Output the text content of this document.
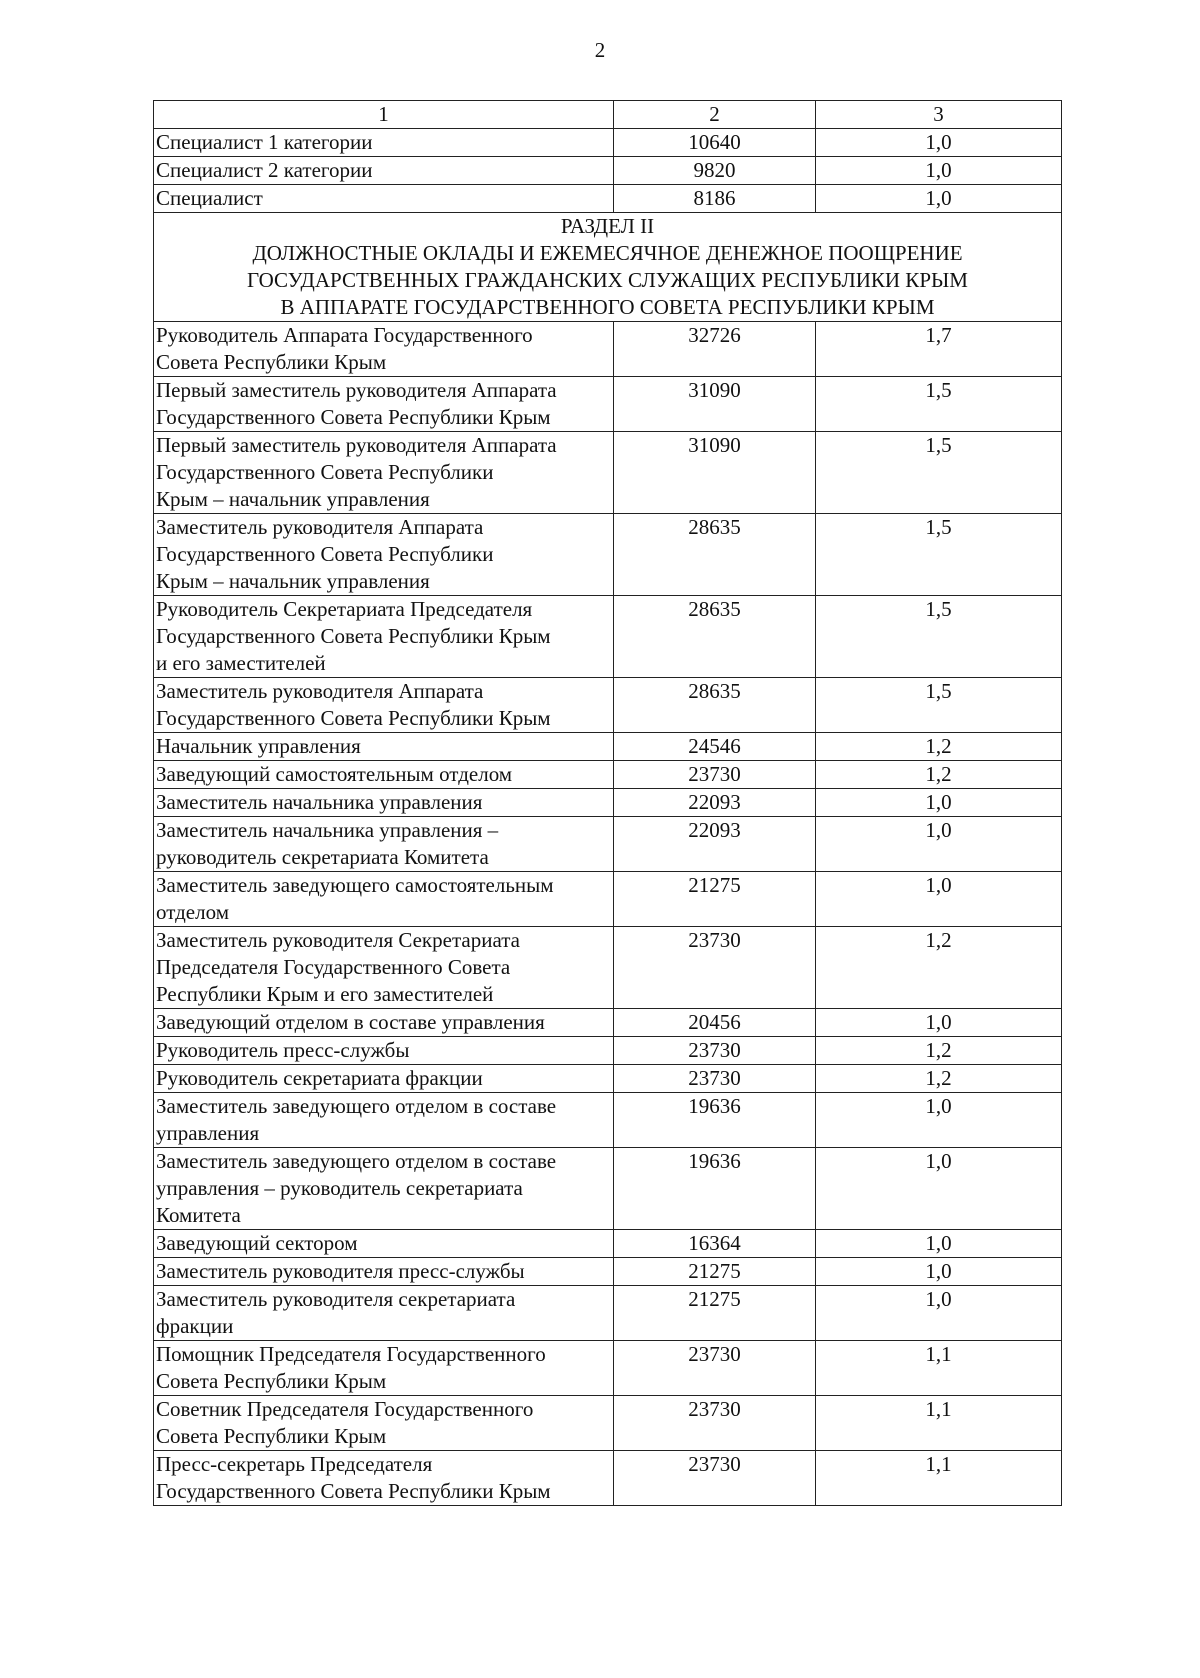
2
1	2	3
Специалист 1 категории	10640	1,0
Специалист 2 категории	9820	1,0
Специалист	8186	1,0

РАЗДЕЛ II
ДОЛЖНОСТНЫЕ ОКЛАДЫ И ЕЖЕМЕСЯЧНОЕ ДЕНЕЖНОЕ ПООЩРЕНИЕ
ГОСУДАРСТВЕННЫХ ГРАЖДАНСКИХ СЛУЖАЩИХ РЕСПУБЛИКИ КРЫМ
В АППАРАТЕ ГОСУДАРСТВЕННОГО СОВЕТА РЕСПУБЛИКИ КРЫМ		

Руководитель Аппарата Государственного
Совета Республики Крым	32726	1,7

Первый заместитель руководителя Аппарата
Государственного Совета Республики Крым	31090	1,5

Первый заместитель руководителя Аппарата
Государственного Совета Республики
Крым – начальник управления	31090	1,5

Заместитель руководителя Аппарата
Государственного Совета Республики
Крым – начальник управления	28635	1,5

Руководитель Секретариата Председателя
Государственного Совета Республики Крым
и его заместителей	28635	1,5

Заместитель руководителя Аппарата
Государственного Совета Республики Крым	28635	1,5

Начальник управления	24546	1,2

Заведующий самостоятельным отделом	23730	1,2

Заместитель начальника управления	22093	1,0

Заместитель начальника управления –
руководитель секретариата Комитета	22093	1,0

Заместитель заведующего самостоятельным
отделом	21275	1,0

Заместитель руководителя Секретариата
Председателя Государственного Совета
Республики Крым и его заместителей	23730	1,2

Заведующий отделом в составе управления	20456	1,0

Руководитель пресс-службы	23730	1,2

Руководитель секретариата фракции	23730	1,2

Заместитель заведующего отделом в составе
управления	19636	1,0

Заместитель заведующего отделом в составе
управления – руководитель секретариата
Комитета	19636	1,0

Заведующий сектором	16364	1,0

Заместитель руководителя пресс-службы	21275	1,0

Заместитель руководителя секретариата
фракции	21275	1,0

Помощник Председателя Государственного
Совета Республики Крым	23730	1,1

Советник Председателя Государственного
Совета Республики Крым	23730	1,1

Пресс-секретарь Председателя
Государственного Совета Республики Крым	23730	1,1
